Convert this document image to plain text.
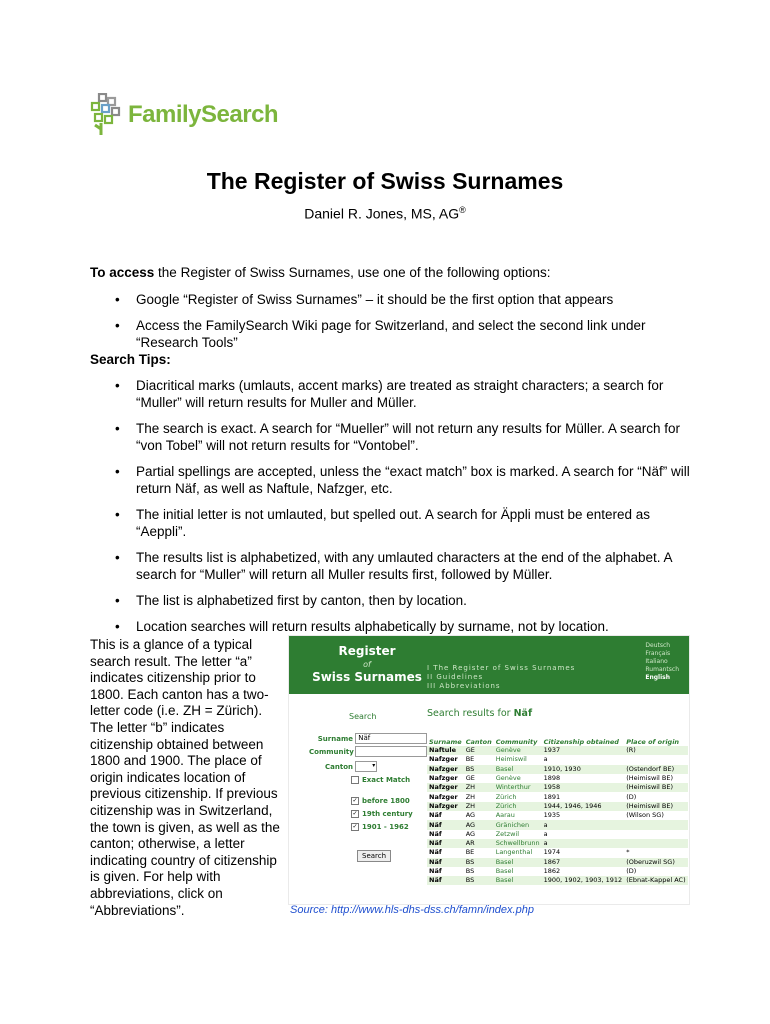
FamilySearch
The Register of Swiss Surnames
Daniel R. Jones, MS, AG®

To access the Register of Swiss Surnames, use one of the following options:

• Google “Register of Swiss Surnames” – it should be the first option that appears
• Access the FamilySearch Wiki page for Switzerland, and select the second link under “Research Tools”

Search Tips:

• Diacritical marks (umlauts, accent marks) are treated as straight characters; a search for “Muller” will return results for Muller and Müller.
• The search is exact. A search for “Mueller” will not return any results for Müller. A search for “von Tobel” will not return results for “Vontobel”.
• Partial spellings are accepted, unless the “exact match” box is marked. A search for “Näf” will return Näf, as well as Naftule, Nafzger, etc.
• The initial letter is not umlauted, but spelled out. A search for Äppli must be entered as “Aeppli”.
• The results list is alphabetized, with any umlauted characters at the end of the alphabet. A search for “Muller” will return all Muller results first, followed by Müller.
• The list is alphabetized first by canton, then by location.
• Location searches will return results alphabetically by surname, not by location.
This is a glance of a typical search result. The letter “a” indicates citizenship prior to 1800. Each canton has a two-letter code (i.e. ZH = Zürich). The letter “b” indicates citizenship obtained between 1800 and 1900. The place of origin indicates location of previous citizenship. If previous citizenship was in Switzerland, the town is given, as well as the canton; otherwise, a letter indicating country of citizenship is given. For help with abbreviations, click on “Abbreviations”.
Register
of
Swiss Surnames
I The Register of Swiss Surnames
II Guidelines
III Abbreviations
Deutsch
Français
Italiano
Rumantsch
English
Search
Surname Näf
Community
Canton	▾
Exact Match
✓ before 1800
✓ 19th century
✓ 1901 - 1962
Search
Search results for Näf
Surname	Canton	Community	Citizenship obtained	Place of origin
Naftule	GE	Genève	1937	(R)
Nafzger	BE	Heimiswil	a	
Nafzger	BS	Basel	1910, 1930	(Ostendorf BE)
Nafzger	GE	Genève	1898	(Heimiswil BE)
Nafzger	ZH	Winterthur	1958	(Heimiswil BE)
Nafzger	ZH	Zürich	1891	(D)
Nafzger	ZH	Zürich	1944, 1946, 1946	(Heimiswil BE)
Näf	AG	Aarau	1935	(Wilson SG)
Näf	AG	Gränichen	a	
Näf	AG	Zetzwil	a	
Näf	AR	Schwellbrunn	a	
Näf	BE	Langenthal	1974	*
Näf	BS	Basel	1867	(Oberuzwil SG)
Näf	BS	Basel	1862	(D)
Näf	BS	Basel	1900, 1902, 1903, 1912	(Ebnat-Kappel AC)
Source: http://www.hls-dhs-dss.ch/famn/index.php
